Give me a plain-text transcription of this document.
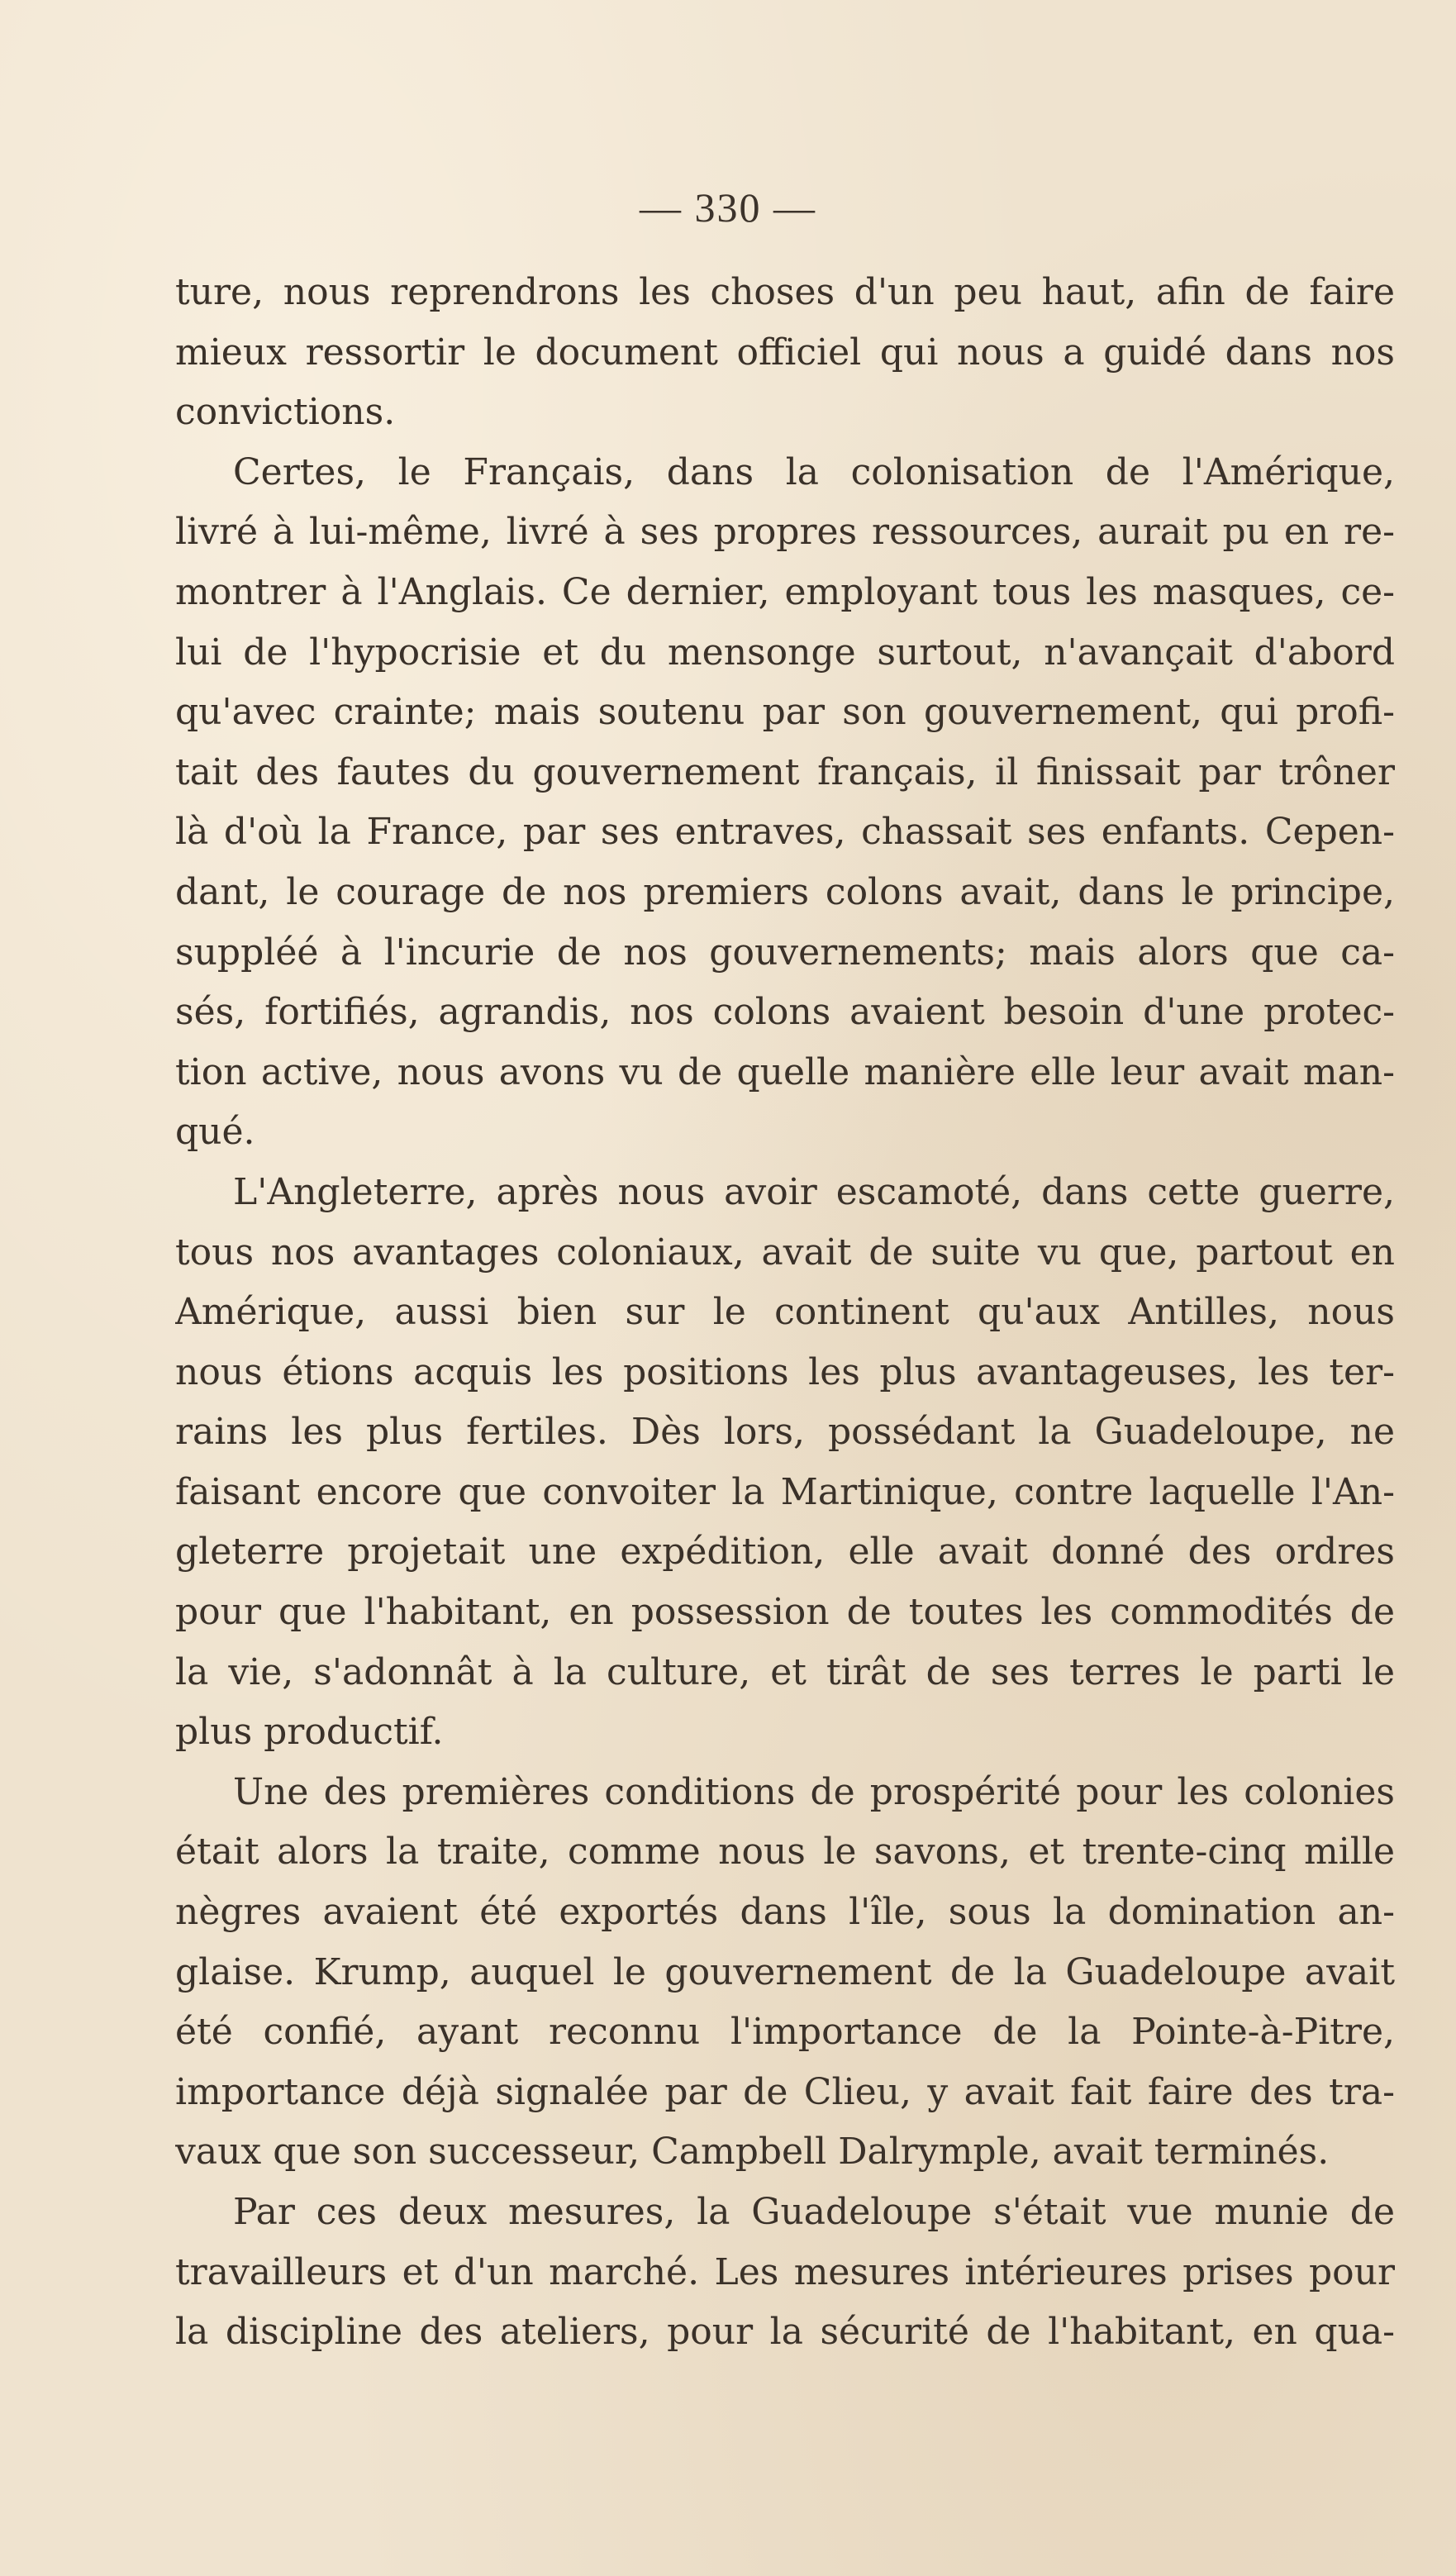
— 330 —
ture, nous reprendrons les choses d'un peu haut, afin de faire
mieux ressortir le document officiel qui nous a guidé dans nos
convictions.
Certes, le Français, dans la colonisation de l'Amérique,
livré à lui-même, livré à ses propres ressources, aurait pu en re-
montrer à l'Anglais. Ce dernier, employant tous les masques, ce-
lui de l'hypocrisie et du mensonge surtout, n'avançait d'abord
qu'avec crainte; mais soutenu par son gouvernement, qui profi-
tait des fautes du gouvernement français, il finissait par trôner
là d'où la France, par ses entraves, chassait ses enfants. Cepen-
dant, le courage de nos premiers colons avait, dans le principe,
suppléé à l'incurie de nos gouvernements; mais alors que ca-
sés, fortifiés, agrandis, nos colons avaient besoin d'une protec-
tion active, nous avons vu de quelle manière elle leur avait man-
qué.
L'Angleterre, après nous avoir escamoté, dans cette guerre,
tous nos avantages coloniaux, avait de suite vu que, partout en
Amérique, aussi bien sur le continent qu'aux Antilles, nous
nous étions acquis les positions les plus avantageuses, les ter-
rains les plus fertiles. Dès lors, possédant la Guadeloupe, ne
faisant encore que convoiter la Martinique, contre laquelle l'An-
gleterre projetait une expédition, elle avait donné des ordres
pour que l'habitant, en possession de toutes les commodités de
la vie, s'adonnât à la culture, et tirât de ses terres le parti le
plus productif.
Une des premières conditions de prospérité pour les colonies
était alors la traite, comme nous le savons, et trente-cinq mille
nègres avaient été exportés dans l'île, sous la domination an-
glaise. Krump, auquel le gouvernement de la Guadeloupe avait
été confié, ayant reconnu l'importance de la Pointe-à-Pitre,
importance déjà signalée par de Clieu, y avait fait faire des tra-
vaux que son successeur, Campbell Dalrymple, avait terminés.
Par ces deux mesures, la Guadeloupe s'était vue munie de
travailleurs et d'un marché. Les mesures intérieures prises pour
la discipline des ateliers, pour la sécurité de l'habitant, en qua-
